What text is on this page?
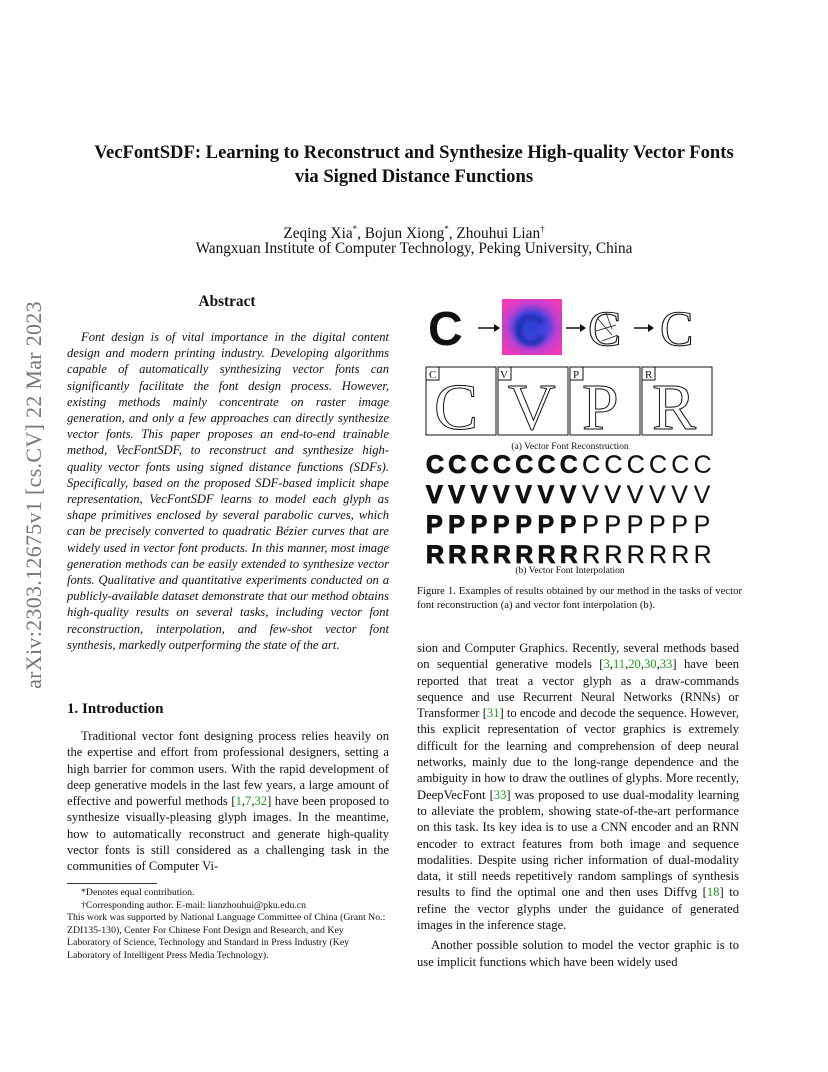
VecFontSDF: Learning to Reconstruct and Synthesize High-quality Vector Fonts
via Signed Distance Functions
Zeqing Xia*, Bojun Xiong*, Zhouhui Lian†
Wangxuan Institute of Computer Technology, Peking University, China
arXiv:2303.12675v1 [cs.CV] 22 Mar 2023	Abstract
Font design is of vital importance in the digital content design and modern printing industry. Developing algorithms capable of automatically synthesizing vector fonts can significantly facilitate the font design process. However, existing methods mainly concentrate on raster image generation, and only a few approaches can directly synthesize vector fonts. This paper proposes an end-to-end trainable method, VecFontSDF, to reconstruct and synthesize high-quality vector fonts using signed distance functions (SDFs). Specifically, based on the proposed SDF-based implicit shape representation, VecFontSDF learns to model each glyph as shape primitives enclosed by several parabolic curves, which can be precisely converted to quadratic Bézier curves that are widely used in vector font products. In this manner, most image generation methods can be easily extended to synthesize vector fonts. Qualitative and quantitative experiments conducted on a publicly-available dataset demonstrate that our method obtains high-quality results on several tasks, including vector font reconstruction, interpolation, and few-shot vector font synthesis, markedly outperforming the state of the art.
1. Introduction
Traditional vector font designing process relies heavily on the expertise and effort from professional designers, setting a high barrier for common users. With the rapid development of deep generative models in the last few years, a large amount of effective and powerful methods [1,7,32] have been proposed to synthesize visually-pleasing glyph images. In the meantime, how to automatically reconstruct and generate high-quality vector fonts is still considered as a challenging task in the communities of Computer Vi-

*Denotes equal contribution.

†Corresponding author. E-mail: lianzhouhui@pku.edu.cn

This work was supported by National Language Committee of China (Grant No.: ZDI135-130), Center For Chinese Font Design and Research, and Key Laboratory of Science, Technology and Standard in Press Industry (Key Laboratory of Intelligent Press Media Technology).

C C C C
C
C V V P P R R
(a) Vector Font Reconstruction
C C C C C C C C C C C C C
V V V V V V V V V V V V V
P P P P P P P P P P P P P
R R R R R R R R R R R R R
(b) Vector Font Interpolation
Figure 1. Examples of results obtained by our method in the tasks of vector font reconstruction (a) and vector font interpolation (b).

sion and Computer Graphics. Recently, several methods based on sequential generative models [3,11,20,30,33] have been reported that treat a vector glyph as a draw-commands sequence and use Recurrent Neural Networks (RNNs) or Transformer [31] to encode and decode the sequence. However, this explicit representation of vector graphics is extremely difficult for the learning and comprehension of deep neural networks, mainly due to the long-range dependence and the ambiguity in how to draw the outlines of glyphs. More recently, DeepVecFont [33] was proposed to use dual-modality learning to alleviate the problem, showing state-of-the-art performance on this task. Its key idea is to use a CNN encoder and an RNN encoder to extract features from both image and sequence modalities. Despite using richer information of dual-modality data, it still needs repetitively random samplings of synthesis results to find the optimal one and then uses Diffvg [18] to refine the vector glyphs under the guidance of generated images in the inference stage.

Another possible solution to model the vector graphic is to use implicit functions which have been widely used
